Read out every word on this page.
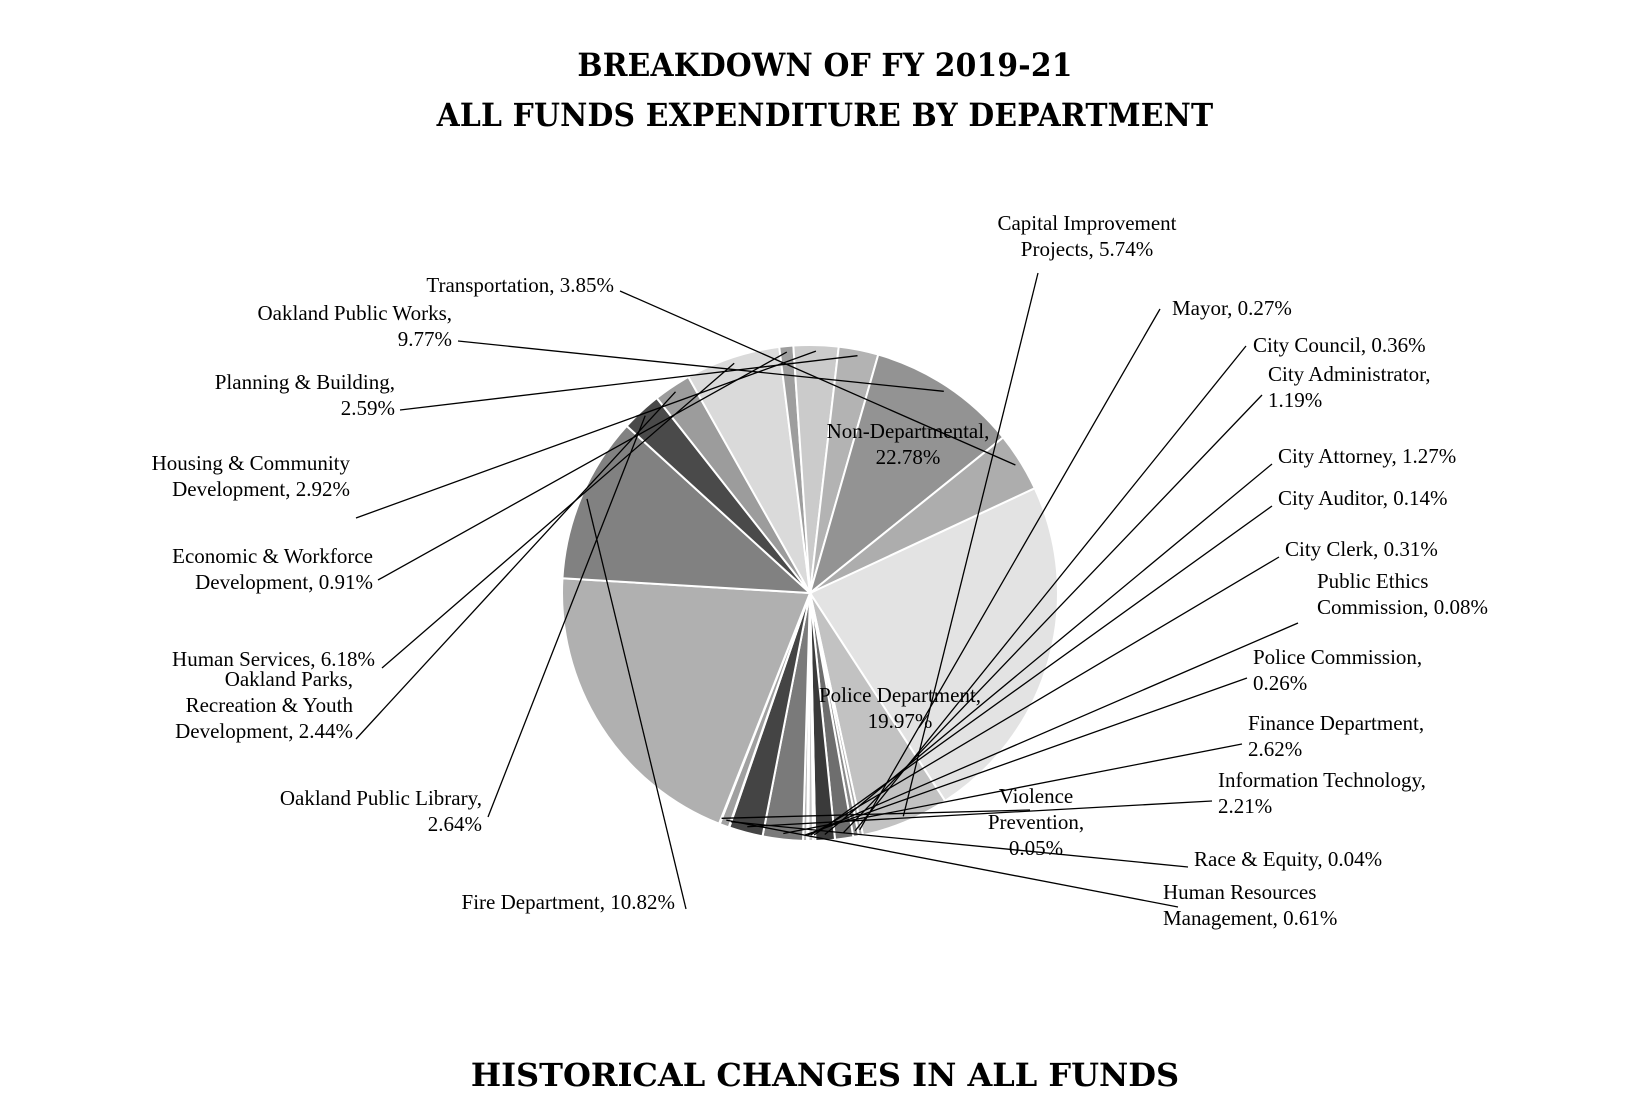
BREAKDOWN OF FY 2019-21
ALL FUNDS EXPENDITURE BY DEPARTMENT
Non-Departmental, 22.78%
Capital Improvement Projects, 5.74%
Mayor, 0.27%
City Council, 0.36%
City Administrator, 1.19%
City Attorney, 1.27%
City Auditor, 0.14%
City Clerk, 0.31%
Public Ethics Commission, 0.08%
Police Commission, 0.26%
Finance Department, 2.62%
Information Technology, 2.21%
Race & Equity, 0.04%
Human Resources Management, 0.61%
Violence Prevention, 0.05%
Police Department, 19.97%
Fire Department, 10.82%
Oakland Public Library, 2.64%
Oakland Parks, Recreation & Youth Development, 2.44%
Human Services, 6.18%
Economic & Workforce Development, 0.91%
Housing & Community Development, 2.92%
Planning & Building, 2.59%
Oakland Public Works, 9.77%
Transportation, 3.85%
HISTORICAL CHANGES IN ALL FUNDS
